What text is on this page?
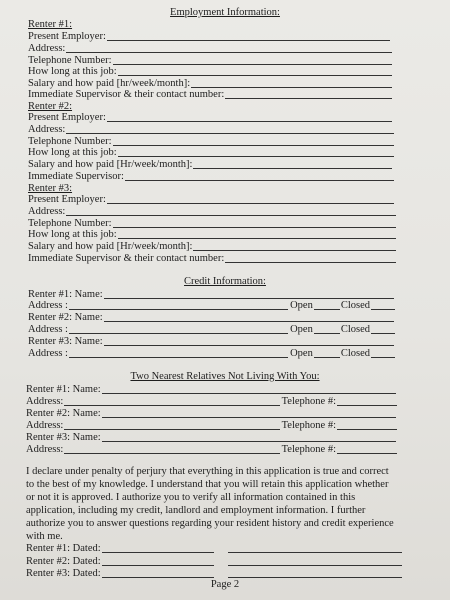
Employment Information:
Renter #1:
Present Employer:
Address:
Telephone Number:
How long at this job:
Salary and how paid [hr/week/month]:
Immediate Supervisor & their contact number:
Renter #2:
Present Employer:
Address:
Telephone Number:
How long at this job:
Salary and how paid [Hr/week/month]:
Immediate Supervisor:
Renter #3:
Present Employer:
Address:
Telephone Number:
How long at this job:
Salary and how paid [Hr/week/month]:
Immediate Supervisor & their contact number:
Credit Information:
Renter #1: Name:
Address :	Open	Closed
Renter #2: Name:
Address :	Open	Closed
Renter #3: Name:
Address :	Open	Closed
Two Nearest Relatives Not Living With You:
Renter #1: Name:
Address:	Telephone #:
Renter #2: Name:
Address:	Telephone #:
Renter #3: Name:
Address:	Telephone #:

I declare under penalty of perjury that everything in this application is true and correct to the best of my knowledge. I understand that you will retain this application whether or not it is approved. I authorize you to verify all information contained in this application, including my credit, landlord and employment information. I further authorize you to answer questions regarding your resident history and credit experience with me.

Renter #1: Dated:
Renter #2: Dated:
Renter #3: Dated:
Page 2
